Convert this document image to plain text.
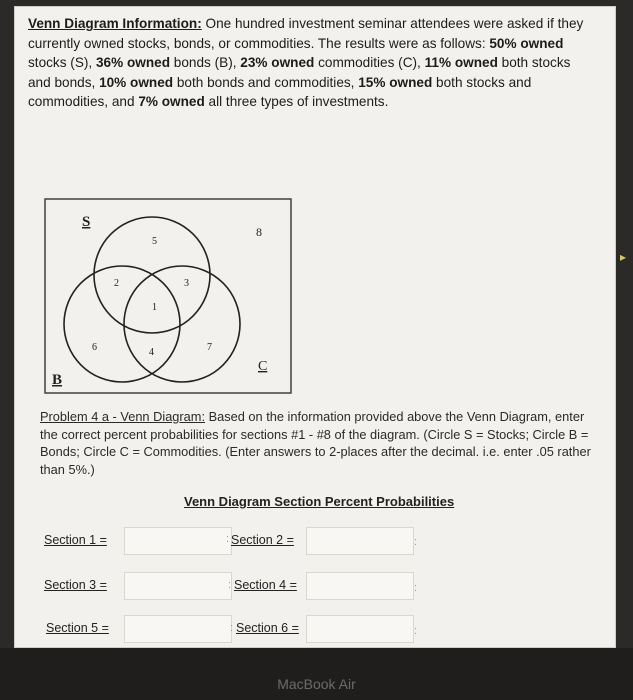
Venn Diagram Information: One hundred investment seminar attendees were asked if they currently owned stocks, bonds, or commodities. The results were as follows: 50% owned stocks (S), 36% owned bonds (B), 23% owned commodities (C), 11% owned both stocks and bonds, 10% owned both bonds and commodities, 15% owned both stocks and commodities, and 7% owned all three types of investments.
S
B
C
5
8
2	3
1
6	4	7
Problem 4 a - Venn Diagram: Based on the information provided above the Venn Diagram, enter the correct percent probabilities for sections #1 - #8 of the diagram. (Circle S = Stocks; Circle B = Bonds; Circle C = Commodities. (Enter answers to 2-places after the decimal. i.e. enter .05 rather than 5%.)
Venn Diagram Section Percent Probabilities
Section 1 =	: Section 2 =	:
Section 3 =	: Section 4 =	:
Section 5 =	: Section 6 =	:
▸
MacBook Air
